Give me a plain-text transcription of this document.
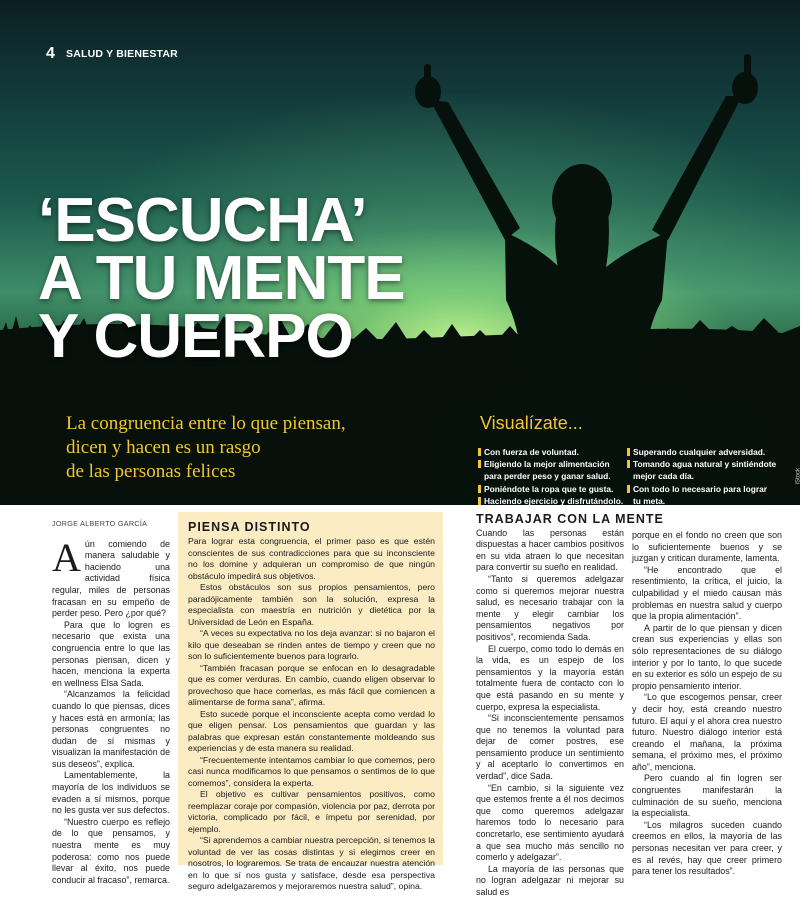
4 SALUD Y BIENESTAR
‘ESCUCHA’
A TU MENTE
Y CUERPO
La congruencia entre lo que piensan,
dicen y hacen es un rasgo
de las personas felices
Visualízate...
Con fuerza de voluntad.
Eligiendo la mejor alimentación para perder peso y ganar salud.
Poniéndote la ropa que te gusta.
Haciendo ejercicio y disfrutándolo.
Superando cualquier adversidad.
Tomando agua natural y sintiéndote mejor cada día.
Con todo lo necesario para lograr tu meta.
iStock
JORGE ALBERTO GARCÍA

Aún comiendo de manera saludable y haciendo una actividad física regular, miles de personas fracasan en su empeño de perder peso. Pero ¿por qué?

Para que lo logren es necesario que exista una congruencia entre lo que las personas piensan, dicen y hacen, menciona la experta en wellness Elsa Sada.

“Alcanzamos la felicidad cuando lo que piensas, dices y haces está en armonía; las personas congruentes no dudan de sí mismas y visualizan la manifestación de sus deseos”, explica.

Lamentablemente, la mayoría de los individuos se evaden a sí mismos, porque no les gusta ver sus defectos.

“Nuestro cuerpo es reflejo de lo que pensamos, y nuestra mente es muy poderosa: como nos puede llevar al éxito, nos puede conducir al fracaso”, remarca.

PIENSA DISTINTO

Para lograr esta congruencia, el primer paso es que estén conscientes de sus contradicciones para que su inconsciente no los domine y adquieran un compromiso de que ningún obstáculo impedirá sus objetivos.

Estos obstáculos son sus propios pensamientos, pero paradójicamente también son la solución, expresa la especialista con maestría en nutrición y dietética por la Universidad de León en España.

“A veces su expectativa no los deja avanzar: si no bajaron el kilo que deseaban se rinden antes de tiempo y creen que no son lo suficientemente buenos para lograrlo.

“También fracasan porque se enfocan en lo desagradable que es comer verduras. En cambio, cuando eligen observar lo provechoso que hace comerlas, es más fácil que comiencen a alimentarse de forma sana”, afirma.

Esto sucede porque el inconsciente acepta como verdad lo que eligen pensar. Los pensamientos que guardan y las palabras que expresan están constantemente moldeando sus experiencias y de esta manera su realidad.

“Frecuentemente intentamos cambiar lo que comemos, pero casi nunca modificamos lo que pensamos o sentimos de lo que comemos”, considera la experta.

El objetivo es cultivar pensamientos positivos, como reemplazar coraje por compasión, violencia por paz, derrota por victoria, complicado por fácil, e ímpetu por serenidad, por ejemplo.

“Si aprendemos a cambiar nuestra percepción, si tenemos la voluntad de ver las cosas distintas y si elegimos creer en nosotros, lo lograremos. Se trata de encauzar nuestra atención en lo que sí nos gusta y satisface, desde esa perspectiva seguro adelgazaremos y mejoraremos nuestra salud”, opina.

TRABAJAR CON LA MENTE

Cuando las personas están dispuestas a hacer cambios positivos en su vida atraen lo que necesitan para convertir su sueño en realidad.

“Tanto si queremos adelgazar como si queremos mejorar nuestra salud, es necesario trabajar con la mente y elegir cambiar los pensamientos negativos por positivos”, recomienda Sada.

El cuerpo, como todo lo demás en la vida, es un espejo de los pensamientos y la mayoría están totalmente fuera de contacto con lo que está pasando en su mente y cuerpo, expresa la especialista.

“Si inconscientemente pensamos que no tenemos la voluntad para dejar de comer postres, ese pensamiento produce un sentimiento y al aceptarlo lo convertimos en verdad”, dice Sada.

“En cambio, si la siguiente vez que estemos frente a él nos decimos que como queremos adelgazar haremos todo lo necesario para concretarlo, ese sentimiento ayudará a que sea mucho más sencillo no comerlo y adelgazar”.

La mayoría de las personas que no logran adelgazar ni mejorar su salud es

porque en el fondo no creen que son lo suficientemente buenos y se juzgan y critican duramente, lamenta.

“He encontrado que el resentimiento, la crítica, el juicio, la culpabilidad y el miedo causan más problemas en nuestra salud y cuerpo que la propia alimentación”.

A partir de lo que piensan y dicen crean sus experiencias y ellas son sólo representaciones de su diálogo interior y por lo tanto, lo que sucede en su exterior es sólo un espejo de su propio pensamiento interior.

“Lo que escogemos pensar, creer y decir hoy, está creando nuestro futuro. El aquí y el ahora crea nuestro futuro. Nuestro diálogo interior está creando el mañana, la próxima semana, el próximo mes, el próximo año”, menciona.

Pero cuando al fin logren ser congruentes manifestarán la culminación de su sueño, menciona la especialista.

“Los milagros suceden cuando creemos en ellos, la mayoría de las personas necesitan ver para creer, y es al revés, hay que creer primero para tener los resultados”.
